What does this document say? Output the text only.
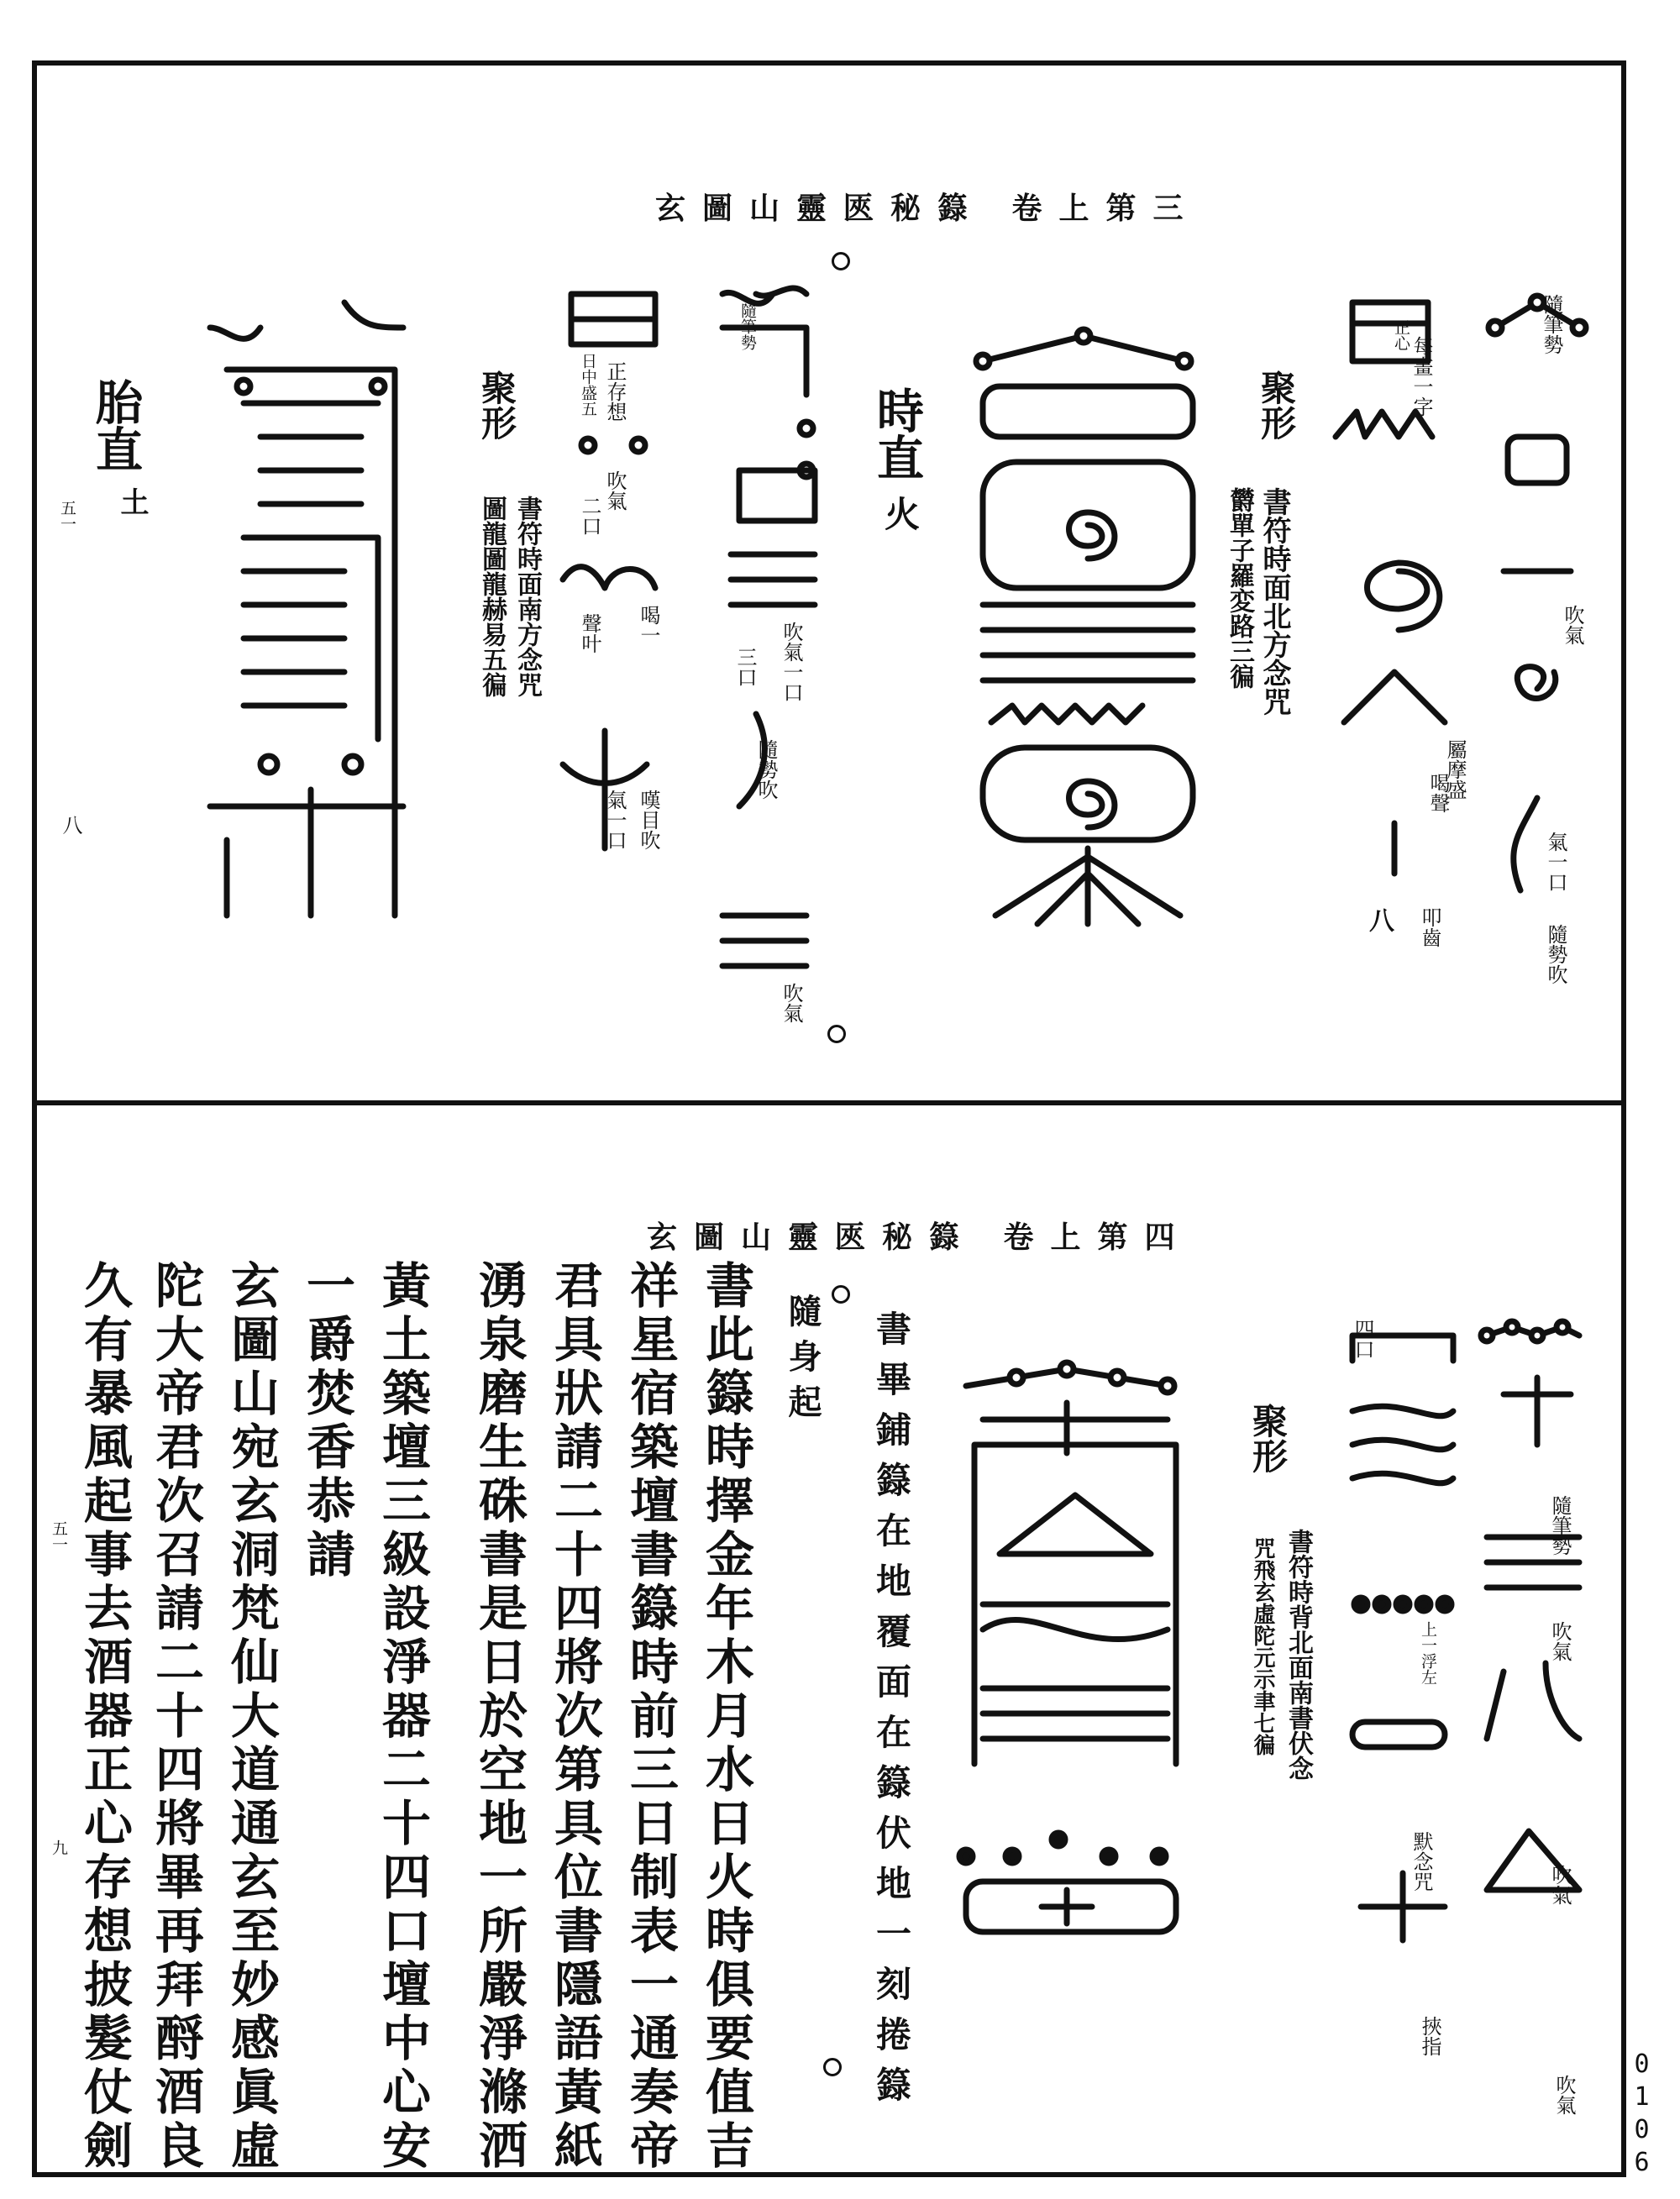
玄圖山靈匧秘籙 卷上第三
聚形
書符時面北方念咒
欝單子羅変路三徧
隨筆勢
吹氣
隨勢吹
氣一口
屬摩盛
叩齒
每畫一字
正心
喝聲
八
時直
火
隨筆勢
吹氣一口
隨勢吹
吹氣
三口
聚形
書符時面南方念咒
圖龍圖龍赫易五徧
正存想
日中盛五
吹氣
二口
喝一
聲叶
嘆目吹
氣一口
胎直
土
五一
八
玄圖山靈匧秘籙 卷上第四
聚形
書符時背北面南書伏念
咒飛玄虛陀元示聿七徧
隨筆勢
吹氣
吹氣
吹氣
默念咒
挾指
上一浮左
四口
書畢鋪籙在地覆面在籙伏地一刻捲籙
隨身起
書此籙時擇金年木月水日火時俱要值吉
祥星宿築壇書籙時前三日制表一通奏帝
君具狀請二十四將次第具位書隱語黃紙
湧泉磨生硃書是日於空地一所嚴淨滌洒
黃土築壇三級設淨器二十四口壇中心安
一爵焚香恭請
玄圖山宛玄洞梵仙大道通玄至妙感眞虛
陀大帝君次召請二十四將畢再拜酹酒良
久有暴風起事去酒器正心存想披髮仗劍
五一
九
0106
